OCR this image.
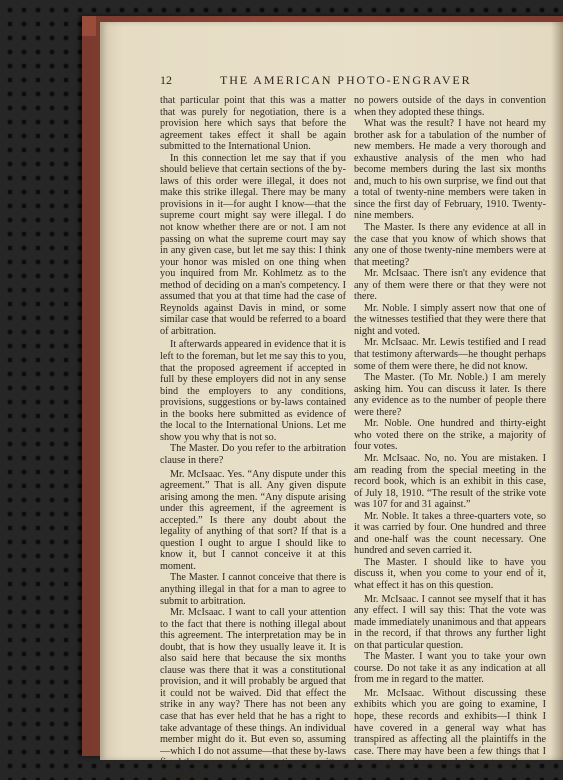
12	THE AMERICAN PHOTO-ENGRAVER

that particular point that this was a matter that was purely for negotiation, there is a provision here which says that before the agreement takes effect it shall be again submitted to the International Union.

In this connection let me say that if you should believe that certain sections of the by-laws of this order were illegal, it does not make this strike illegal. There may be many provisions in it—for aught I know—that the supreme court might say were illegal. I do not know whether there are or not. I am not passing on what the supreme court may say in any given case, but let me say this: I think your honor was misled on one thing when you inquired from Mr. Kohlmetz as to the method of deciding on a man's competency. I assumed that you at that time had the case of Reynolds against Davis in mind, or some similar case that would be referred to a board of arbitration.

It afterwards appeared in evidence that it is left to the foreman, but let me say this to you, that the proposed agreement if accepted in full by these employers did not in any sense bind the employers to any conditions, provisions, suggestions or by-laws contained in the books here submitted as evidence of the local to the International Unions. Let me show you why that is not so.

The Master. Do you refer to the arbitration clause in there?

Mr. McIsaac. Yes. “Any dispute under this agreement.” That is all. Any given dispute arising among the men. “Any dispute arising under this agreement, if the agreement is accepted.” Is there any doubt about the legality of anything of that sort? If that is a question I ought to argue I should like to know it, but I cannot conceive it at this moment.

The Master. I cannot conceive that there is anything illegal in that for a man to agree to submit to arbitration.

Mr. McIsaac. I want to call your attention to the fact that there is nothing illegal about this agreement. The interpretation may be in doubt, that is how they usually leave it. It is also said here that because the six months clause was there that it was a constitutional provision, and it will probably be argued that it could not be waived. Did that effect the strike in any way? There has not been any case that has ever held that he has a right to take advantage of these things. An individual member might do it. But even so, assuming—which I do not assume—that these by-laws fixed the powers of the executive committee, and that it had

no powers outside of the days in convention when they adopted these things.

What was the result? I have not heard my brother ask for a tabulation of the number of new members. He made a very thorough and exhaustive analysis of the men who had become members during the last six months and, much to his own surprise, we find out that a total of twenty-nine members were taken in since the first day of February, 1910. Twenty-nine members.

The Master. Is there any evidence at all in the case that you know of which shows that any one of those twenty-nine members were at that meeting?

Mr. McIsaac. There isn't any evidence that any of them were there or that they were not there.

Mr. Noble. I simply assert now that one of the witnesses testified that they were there that night and voted.

Mr. McIsaac. Mr. Lewis testified and I read that testimony afterwards—he thought perhaps some of them were there, he did not know.

The Master. (To Mr. Noble.) I am merely asking him. You can discuss it later. Is there any evidence as to the number of people there were there?

Mr. Noble. One hundred and thirty-eight who voted there on the strike, a majority of four votes.

Mr. McIsaac. No, no. You are mistaken. I am reading from the special meeting in the record book, which is an exhibit in this case, of July 18, 1910. “The result of the strike vote was 107 for and 31 against.”

Mr. Noble. It takes a three-quarters vote, so it was carried by four. One hundred and three and one-half was the count necessary. One hundred and seven carried it.

The Master. I should like to have you discuss it, when you come to your end of it, what effect it has on this question.

Mr. McIsaac. I cannot see myself that it has any effect. I will say this: That the vote was made immediately unanimous and that appears in the record, if that throws any further light on that particular question.

The Master. I want you to take your own course. Do not take it as any indication at all from me in regard to the matter.

Mr. McIsaac. Without discussing these exhibits which you are going to examine, I hope, these records and exhibits—I think I have covered in a general way what has transpired as affecting all the plaintiffs in the case. There may have been a few things that I have neglected to cover, but in a general way
